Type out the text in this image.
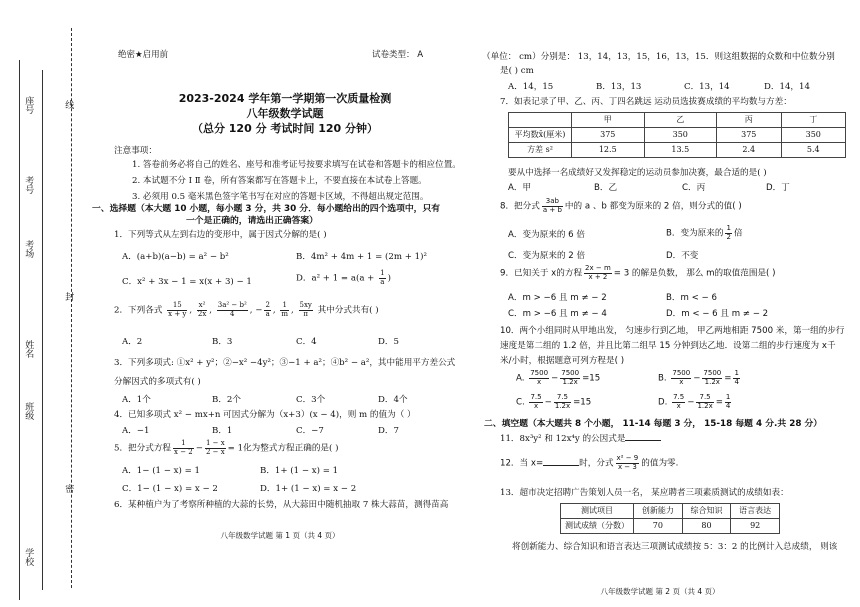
座号
考号
考场
姓名
班级
学校
线
封
密
绝密★启用前	试卷类型： A
2023-2024 学年第一学期第一次质量检测
八年级数学试题
（总分 120 分 考试时间 120 分钟）
注意事项：
1. 答卷前务必将自己的姓名、座号和准考证号按要求填写在试卷和答题卡的相应位置。
2. 本试题不分 Ⅰ Ⅱ 卷，所有答案都写在答题卡上，不要直接在本试卷上答题。
3. 必须用 0.5 毫米黑色签字笔书写在对应的答题卡区域，不得超出规定范围。
一、选择题（本大题 10 小题，每小题 3 分，共 30 分．每小题给出的四个选项中，只有
一个是正确的，请选出正确答案）
1．下列等式从左到右边的变形中，属于因式分解的是( )
A．(a+b)(a−b) = a² − b²	B．4m² + 4m + 1 = (2m + 1)²
C．x² + 3x − 1 = x(x + 3) − 1	D．$a^2 + 1 = a(a + \frac{1}{a}$ )
2．下列各式 $\frac{15}{x + y}$ , $\frac{\text{x²}}{2x}$ , $\frac{\text{3a² − b²}}{4}$ , − $\frac{2}{a}$ , $\frac{1}{m}$ , $\frac{5xy}{\pi}$ 其中分式共有( )
A．2	B．3	C．4	D．5
3．下列多项式: ①x² + y²；②−x² −4y²；③−1 + a²；④b² − a²，其中能用平方差公式
分解因式的多项式有( )
A．1个	B．2个	C．3个	D．4个
4．已知多项式 x² − mx+n 可因式分解为（x+3）(x − 4)，则 m 的值为（ ）
A．−1	B．1	C．−7	D．7
5．把分式方程 $\frac{1}{x - 2} - \frac{1 - x}{2 - x} = 1$化为整式方程正确的是( )
A．1− (1 − x) = 1	B．1+ (1 − x) = 1
C．1− (1 − x) = x − 2	D．1+ (1 − x) = x − 2
6．某种植户为了考察所种植的大蒜的长势，从大蒜田中随机抽取 7 株大蒜苗，测得苗高
八年级数学试题 第 1 页（共 4 页）
（单位： cm）分别是： 13，14，13，15，16，13，15．则这组数据的众数和中位数分别
是( ) cm
A．14，15	B．13，13	C．13，14	D．14，14
7．如表记录了甲、乙、丙、丁四名跳远 运动员选拔赛成绩的平均数与方差：
	甲	乙	丙	丁
平均数x̄(厘米)	375	350	375	350
方差 s²	12.5	13.5	2.4	5.4
要从中选择一名成绩好又发挥稳定的运动员参加决赛，最合适的是( )
A．甲	B．乙	C．丙	D．丁
8．把分式 $\frac{3ab}{a + b}$ 中的 a 、b 都变为原来的 2 倍，则分式的值( )
A．变为原来的 6 倍	B．变为原来的 $\frac{1}{2}$ 倍
C．变为原来的 2 倍	D．不变
9．已知关于 x的方程 $\frac{2x - m}{x + 2} = 3$ 的解是负数， 那么 m的取值范围是( )
A．m > −6 且 m ≠ − 2	B．m < − 6
C．m > −6 且 m ≠ − 4	D．m < − 6 且 m ≠ − 2
10．两个小组同时从甲地出发， 匀速步行到乙地， 甲乙两地相距 7500 米，第一组的步行
速度是第二组的 1.2 倍，并且比第二组早 15 分钟到达乙地．设第二组的步行速度为 x千
米/小时，根据题意可列方程是( )
A. $\frac{7500}{x} - \frac{7500}{1.2x} =15$	B. $\frac{7500}{x} - \frac{7500}{1.2x} = \frac{1}{4}$
C. $\frac{7.5}{x} - \frac{7.5}{1.2x} =15$	D. $\frac{7.5}{x} - \frac{7.5}{1.2x} = \frac{1}{4}$
二、填空题（本大题共 8 个小题， 11-14 每题 3 分， 15-18 每题 4 分.共 28 分）
11．8x³y² 和 12x⁴y 的公因式是
12．当 x=	时，分式 $\frac{\text{x² − 9}}{x - 3}$ 的值为零.
13．超市决定招聘广告策划人员一名， 某应聘者三项素质测试的成绩如表：
测试项目	创新能力	综合知识	语言表达
测试成绩（分数）	70	80	92
将创新能力、综合知识和语言表达三项测试成绩按 5：3：2 的比例计入总成绩， 则该
八年级数学试题 第 2 页（共 4 页）
